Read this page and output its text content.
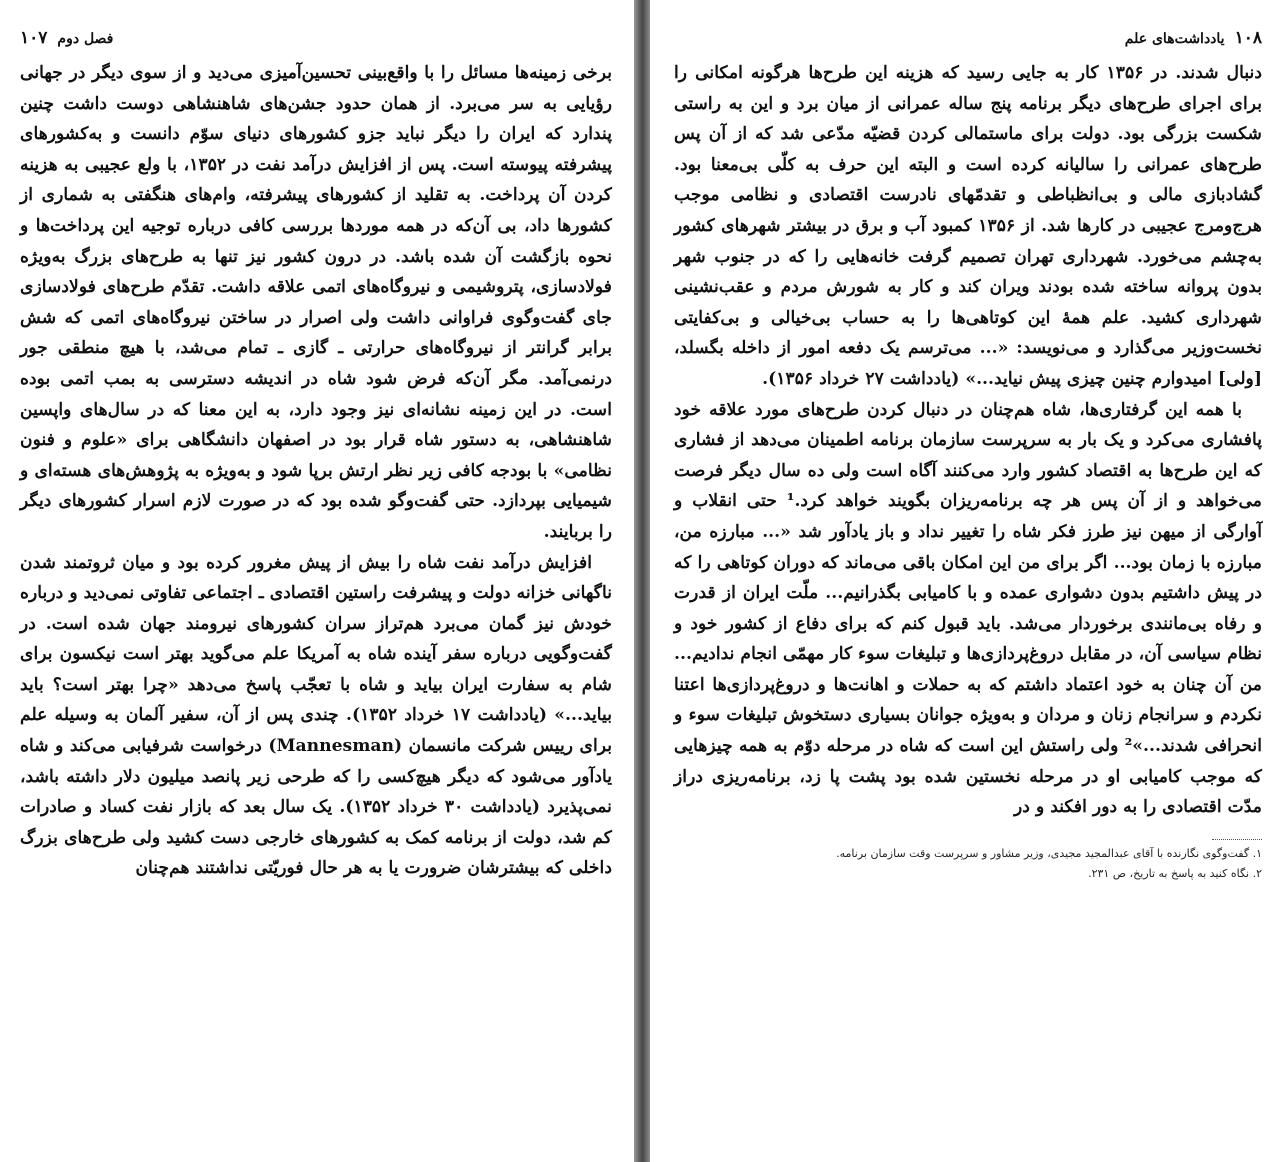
فصل دوم
۱۰۷

برخی زمینه‌ها مسائل را با واقع‌بینی تحسین‌آمیزی می‌دید و از سوی دیگر در جهانی رؤیایی به سر می‌برد. از همان حدود جشن‌های شاهنشاهی دوست داشت چنین پندارد که ایران را دیگر نباید جزو کشورهای دنیای سوّم دانست و به‌کشورهای پیشرفته پیوسته است. پس از افزایش درآمد نفت در ۱۳۵۲، با ولع عجیبی به هزینه کردن آن پرداخت. به تقلید از کشورهای پیشرفته، وام‌های هنگفتی به شماری از کشورها داد، بی آن‌که در همه موردها بررسی کافی درباره توجیه این پرداخت‌ها و نحوه بازگشت آن شده باشد. در درون کشور نیز تنها به طرح‌های بزرگ به‌ویژه فولادسازی، پتروشیمی و نیروگاه‌های اتمی علاقه داشت. تقدّم طرح‌های فولادسازی جای گفت‌وگوی فراوانی داشت ولی اصرار در ساختن نیروگاه‌های اتمی که شش برابر گرانتر از نیروگاه‌های حرارتی ـ گازی ـ تمام می‌شد، با هیچ منطقی جور درنمی‌آمد. مگر آن‌که فرض شود شاه در اندیشه دسترسی به بمب اتمی بوده است. در این زمینه نشانه‌ای نیز وجود دارد، به این معنا که در سال‌های واپسین شاهنشاهی، به دستور شاه قرار بود در اصفهان دانشگاهی برای «علوم و فنون نظامی» با بودجه کافی زیر نظر ارتش برپا شود و به‌ویژه به پژوهش‌های هسته‌ای و شیمیایی بپردازد. حتی گفت‌وگو شده بود که در صورت لازم اسرار کشورهای دیگر را بربایند.

افزایش درآمد نفت شاه را بیش از پیش مغرور کرده بود و میان ثروتمند شدن ناگهانی خزانه دولت و پیشرفت راستین اقتصادی ـ اجتماعی تفاوتی نمی‌دید و درباره خودش نیز گمان می‌برد هم‌تراز سران کشورهای نیرومند جهان شده است. در گفت‌وگویی درباره سفر آینده شاه به آمریکا علم می‌گوید بهتر است نیکسون برای شام به سفارت ایران بیاید و شاه با تعجّب پاسخ می‌دهد «چرا بهتر است؟ باید بیاید...» (یادداشت ۱۷ خرداد ۱۳۵۲). چندی پس از آن، سفیر آلمان به وسیله علم برای رییس شرکت مانسمان (Mannesman) درخواست شرفیابی می‌کند و شاه یادآور می‌شود که دیگر هیچ‌کسی را که طرحی زیر پانصد میلیون دلار داشته باشد، نمی‌پذیرد (یادداشت ۳۰ خرداد ۱۳۵۲). یک سال بعد که بازار نفت کساد و صادرات کم شد، دولت از برنامه کمک به کشورهای خارجی دست کشید ولی طرح‌های بزرگ داخلی که بیشترشان ضرورت یا به هر حال فوریّتی نداشتند هم‌چنان

۱۰۸
یادداشت‌های علم

دنبال شدند. در ۱۳۵۶ کار به جایی رسید که هزینه این طرح‌ها هرگونه امکانی را برای اجرای طرح‌های دیگر برنامه پنج ساله عمرانی از میان برد و این به راستی شکست بزرگی بود. دولت برای ماستمالی کردن قضیّه مدّعی شد که از آن پس طرح‌های عمرانی را سالیانه کرده است و البته این حرف به کلّی بی‌معنا بود. گشادبازی مالی و بی‌انظباطی و تقدمّهای نادرست اقتصادی و نظامی موجب هرج‌ومرج عجیبی در کارها شد. از ۱۳۵۶ کمبود آب و برق در بیشتر شهرهای کشور به‌چشم می‌خورد. شهرداری تهران تصمیم گرفت خانه‌هایی را که در جنوب شهر بدون پروانه ساخته شده بودند ویران کند و کار به شورش مردم و عقب‌نشینی شهرداری کشید. علم همهٔ این کوتاهی‌ها را به حساب بی‌خیالی و بی‌کفایتی نخست‌وزیر می‌گذارد و می‌نویسد: «... می‌ترسم یک دفعه امور از داخله بگسلد، [ولی] امیدوارم چنین چیزی پیش نیاید...» (یادداشت ۲۷ خرداد ۱۳۵۶).

با همه این گرفتاری‌ها، شاه هم‌چنان در دنبال کردن طرح‌های مورد علاقه خود پافشاری می‌کرد و یک بار به سرپرست سازمان برنامه اطمینان می‌دهد از فشاری که این طرح‌ها به اقتصاد کشور وارد می‌کنند آگاه است ولی ده سال دیگر فرصت می‌خواهد و از آن پس هر چه برنامه‌ریزان بگویند خواهد کرد.¹ حتی انقلاب و آوارگی از میهن نیز طرز فکر شاه را تغییر نداد و باز یادآور شد «... مبارزه من، مبارزه با زمان بود... اگر برای من این امکان باقی می‌ماند که دوران کوتاهی را که در پیش داشتیم بدون دشواری عمده و با کامیابی بگذرانیم... ملّت ایران از قدرت و رفاه بی‌مانندی برخوردار می‌شد. باید قبول کنم که برای دفاع از کشور خود و نظام سیاسی آن، در مقابل دروغ‌پردازی‌ها و تبلیغات سوء کار مهمّی انجام ندادیم... من آن چنان به خود اعتماد داشتم که به حملات و اهانت‌ها و دروغ‌پردازی‌ها اعتنا نکردم و سرانجام زنان و مردان و به‌ویژه جوانان بسیاری دستخوش تبلیغات سوء و انحرافی شدند...»² ولی راستش این است که شاه در مرحله دوّم به همه چیزهایی که موجب کامیابی او در مرحله نخستین شده بود پشت پا زد، برنامه‌ریزی دراز مدّت اقتصادی را به دور افکند و در

۱. گفت‌وگوی نگارنده با آقای عبدالمجید مجیدی، وزیر مشاور و سرپرست وقت سازمان برنامه.

۲. نگاه کنید به پاسخ به تاریخ، ص ۲۳۱.
